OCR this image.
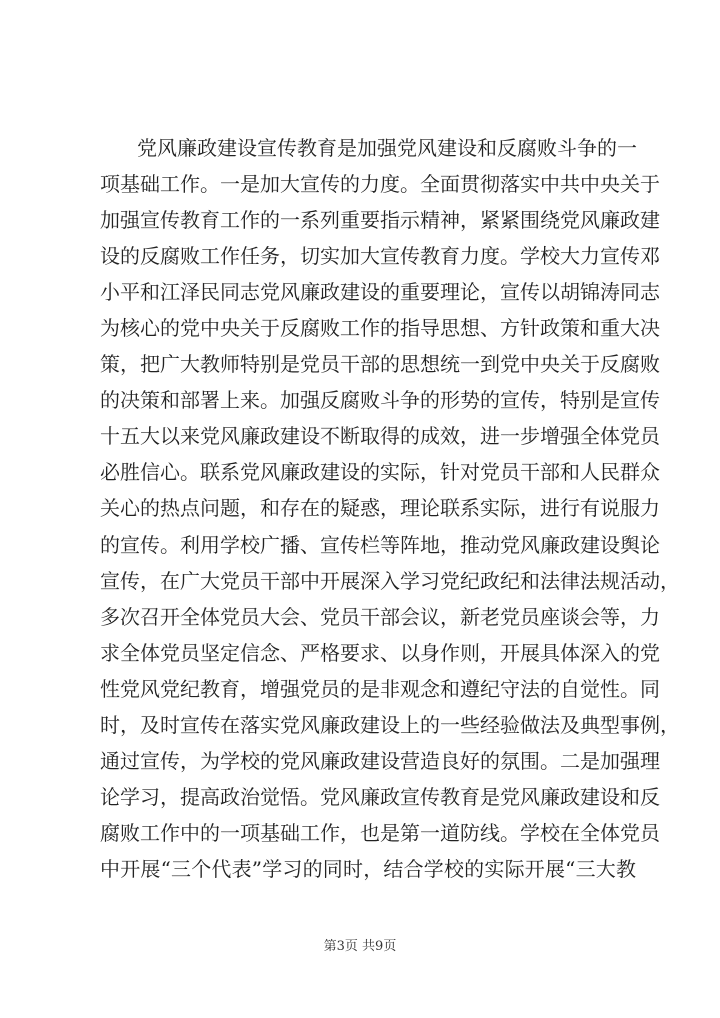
党风廉政建设宣传教育是加强党风建设和反腐败斗争的一
项基础工作。一是加大宣传的力度。全面贯彻落实中共中央关于
加强宣传教育工作的一系列重要指示精神，紧紧围绕党风廉政建
设的反腐败工作任务，切实加大宣传教育力度。学校大力宣传邓
小平和江泽民同志党风廉政建设的重要理论，宣传以胡锦涛同志
为核心的党中央关于反腐败工作的指导思想、方针政策和重大决
策，把广大教师特别是党员干部的思想统一到党中央关于反腐败
的决策和部署上来。加强反腐败斗争的形势的宣传，特别是宣传
十五大以来党风廉政建设不断取得的成效，进一步增强全体党员
必胜信心。联系党风廉政建设的实际，针对党员干部和人民群众
关心的热点问题，和存在的疑惑，理论联系实际，进行有说服力
的宣传。利用学校广播、宣传栏等阵地，推动党风廉政建设舆论
宣传，在广大党员干部中开展深入学习党纪政纪和法律法规活动，
多次召开全体党员大会、党员干部会议，新老党员座谈会等，力
求全体党员坚定信念、严格要求、以身作则，开展具体深入的党
性党风党纪教育，增强党员的是非观念和遵纪守法的自觉性。同
时，及时宣传在落实党风廉政建设上的一些经验做法及典型事例，
通过宣传，为学校的党风廉政建设营造良好的氛围。二是加强理
论学习，提高政治觉悟。党风廉政宣传教育是党风廉政建设和反
腐败工作中的一项基础工作，也是第一道防线。学校在全体党员
中开展“三个代表”学习的同时，结合学校的实际开展“三大教
第3页 共9页
